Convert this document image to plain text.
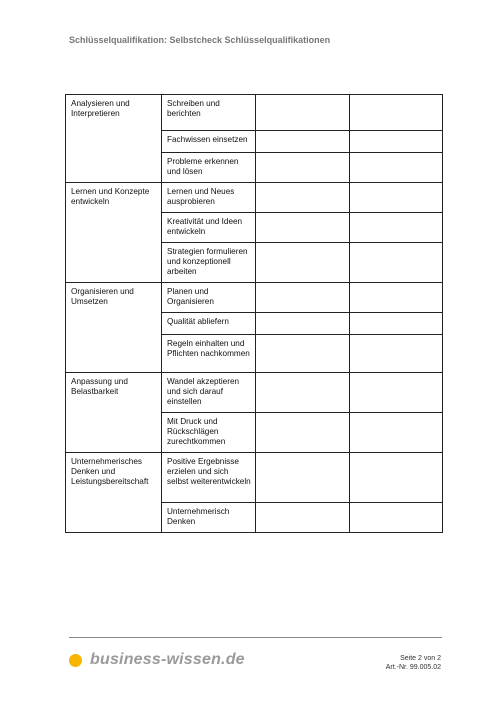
Schlüsselqualifikation: Selbstcheck Schlüsselqualifikationen
Analysieren und Interpretieren	Schreiben und berichten		
	Fachwissen einsetzen		
	Probleme erkennen und lösen		
Lernen und Konzepte entwickeln	Lernen und Neues ausprobieren		
	Kreativität und Ideen entwickeln		
	Strategien formulieren und konzeptionell arbeiten		
Organisieren und Umsetzen	Planen und Organisieren		
	Qualität abliefern		
	Regeln einhalten und Pflichten nachkommen		
Anpassung und Belastbarkeit	Wandel akzeptieren und sich darauf einstellen		
	Mit Druck und Rückschlägen zurechtkommen		
Unternehmerisches Denken und Leistungsbereitschaft	Positive Ergebnisse erzielen und sich selbst weiterentwickeln		
	Unternehmerisch Denken		
business-wissen.de	Seite 2 von 2
Art.-Nr. 99.005.02
